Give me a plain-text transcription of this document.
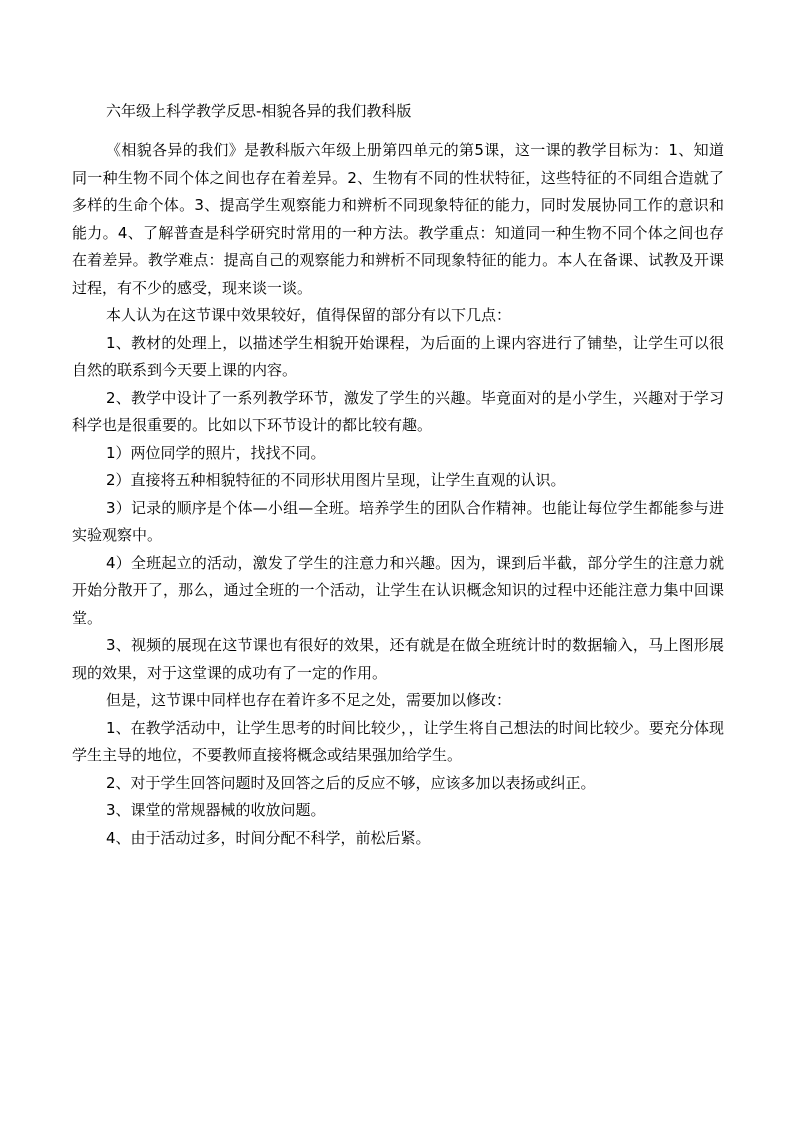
六年级上科学教学反思-相貌各异的我们教科版

《相貌各异的我们》是教科版六年级上册第四单元的第5课，这一课的教学目标为：1、知道同一种生物不同个体之间也存在着差异。2、生物有不同的性状特征，这些特征的不同组合造就了多样的生命个体。3、提高学生观察能力和辨析不同现象特征的能力，同时发展协同工作的意识和能力。4、了解普查是科学研究时常用的一种方法。教学重点：知道同一种生物不同个体之间也存在着差异。教学难点：提高自己的观察能力和辨析不同现象特征的能力。本人在备课、试教及开课过程，有不少的感受，现来谈一谈。

本人认为在这节课中效果较好，值得保留的部分有以下几点：

1、教材的处理上，以描述学生相貌开始课程，为后面的上课内容进行了铺垫，让学生可以很自然的联系到今天要上课的内容。

2、教学中设计了一系列教学环节，激发了学生的兴趣。毕竟面对的是小学生，兴趣对于学习科学也是很重要的。比如以下环节设计的都比较有趣。

1）两位同学的照片，找找不同。

2）直接将五种相貌特征的不同形状用图片呈现，让学生直观的认识。

3）记录的顺序是个体—小组—全班。培养学生的团队合作精神。也能让每位学生都能参与进实验观察中。

4）全班起立的活动，激发了学生的注意力和兴趣。因为，课到后半截，部分学生的注意力就开始分散开了，那么，通过全班的一个活动，让学生在认识概念知识的过程中还能注意力集中回课堂。

3、视频的展现在这节课也有很好的效果，还有就是在做全班统计时的数据输入，马上图形展现的效果，对于这堂课的成功有了一定的作用。

但是，这节课中同样也存在着许多不足之处，需要加以修改：

1、在教学活动中，让学生思考的时间比较少，，让学生将自己想法的时间比较少。要充分体现学生主导的地位，不要教师直接将概念或结果强加给学生。

2、对于学生回答问题时及回答之后的反应不够，应该多加以表扬或纠正。

3、课堂的常规器械的收放问题。

4、由于活动过多，时间分配不科学，前松后紧。
